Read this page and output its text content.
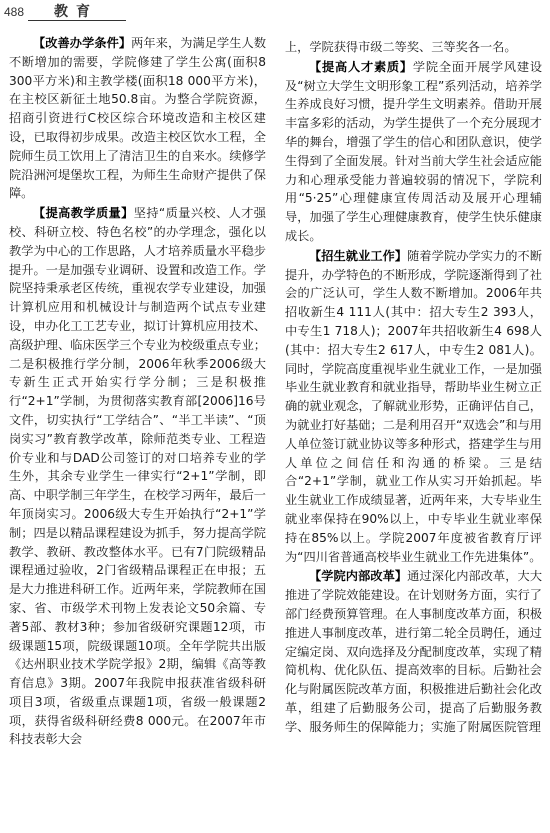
488 教育

【改善办学条件】两年来，为满足学生人数不断增加的需要，学院修建了学生公寓(面积8 300平方米)和主教学楼(面积18 000平方米)，在主校区新征土地50.8亩。为整合学院资源，招商引资进行C校区综合环境改造和主校区建设，已取得初步成果。改造主校区饮水工程，全院师生员工饮用上了清洁卫生的自来水。续修学院沿洲河堤堡坎工程，为师生生命财产提供了保障。

【提高教学质量】坚持“质量兴校、人才强校、科研立校、特色名校”的办学理念，强化以教学为中心的工作思路，人才培养质量水平稳步提升。一是加强专业调研、设置和改造工作。学院坚持秉承老区传统，重视农学专业建设，加强计算机应用和机械设计与制造两个试点专业建设，申办化工工艺专业，拟订计算机应用技术、高级护理、临床医学三个专业为校级重点专业；二是积极推行学分制，2006年秋季2006级大专新生正式开始实行学分制；三是积极推行“2+1”学制，为贯彻落实教育部[2006]16号文件，切实执行“工学结合”、“半工半读”、“顶岗实习”教育教学改革，除师范类专业、工程造价专业和与DAD公司签订的对口培养专业的学生外，其余专业学生一律实行“2+1”学制，即高、中职学制三年学生，在校学习两年，最后一年顶岗实习。2006级大专生开始执行“2+1”学制；四是以精品课程建设为抓手，努力提高学院教学、教研、教改整体水平。已有7门院级精品课程通过验收，2门省级精品课程正在申报；五是大力推进科研工作。近两年来，学院教师在国家、省、市级学术刊物上发表论文50余篇、专著5部、教材3种；参加省级研究课题12项，市级课题15项，院级课题10项。全年学院共出版《达州职业技术学院学报》2期，编辑《高等教育信息》3期。2007年我院申报获准省级科研项目3项，省级重点课题1项，省级一般课题2项，获得省级科研经费8 000元。在2007年市科技表彰大会

上，学院获得市级二等奖、三等奖各一名。

【提高人才素质】学院全面开展学风建设及“树立大学生文明形象工程”系列活动，培养学生养成良好习惯，提升学生文明素养。借助开展丰富多彩的活动，为学生提供了一个充分展现才华的舞台，增强了学生的信心和团队意识，使学生得到了全面发展。针对当前大学生社会适应能力和心理承受能力普遍较弱的情况下，学院利用“5·25”心理健康宣传周活动及展开心理辅导，加强了学生心理健康教育，使学生快乐健康成长。

【招生就业工作】随着学院办学实力的不断提升，办学特色的不断形成，学院逐渐得到了社会的广泛认可，学生人数不断增加。2006年共招收新生4 111人(其中：招大专生2 393人，中专生1 718人)；2007年共招收新生4 698人(其中：招大专生2 617人，中专生2 081人)。同时，学院高度重视毕业生就业工作，一是加强毕业生就业教育和就业指导，帮助毕业生树立正确的就业观念，了解就业形势，正确评估自己，为就业打好基础；二是利用召开“双选会”和与用人单位签订就业协议等多种形式，搭建学生与用人单位之间信任和沟通的桥梁。三是结合“2+1”学制，就业工作从实习开始抓起。毕业生就业工作成绩显著，近两年来，大专毕业生就业率保持在90%以上，中专毕业生就业率保持在85%以上。学院2007年度被省教育厅评为“四川省普通高校毕业生就业工作先进集体”。

【学院内部改革】通过深化内部改革，大大推进了学院效能建设。在计划财务方面，实行了部门经费预算管理。在人事制度改革方面，积极推进人事制度改革，进行第二轮全员聘任，通过定编定岗、双向选择及分配制度改革，实现了精简机构、优化队伍、提高效率的目标。后勤社会化与附属医院改革方面，积极推进后勤社会化改革，组建了后勤服务公司，提高了后勤服务教学、服务师生的保障能力；实施了附属医院管理
